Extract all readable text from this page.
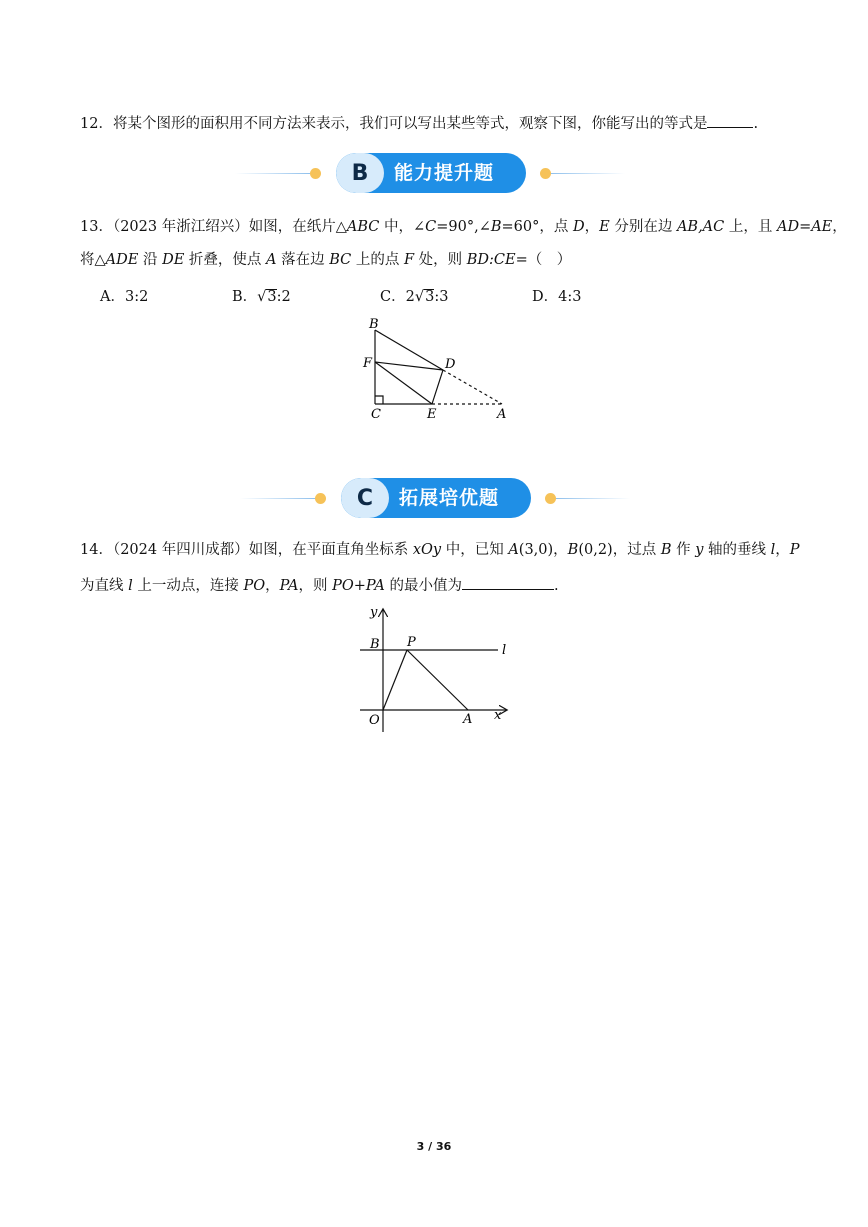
12．将某个图形的面积用不同方法来表示，我们可以写出某些等式，观察下图，你能写出的等式是	.
B	能力提升题
13．（2023 年浙江绍兴）如图，在纸片△ABC 中，∠C=90°,∠B=60°，点 D，E 分别在边 AB,AC 上，且 AD=AE，
将△ADE 沿 DE 折叠，使点 A 落在边 BC 上的点 F 处，则 BD:CE=（　）
A．3:2	B．√3:2	C．2√3:3	D．4:3
B
F	D
C	E	A
C	拓展培优题
14．（2024 年四川成都）如图，在平面直角坐标系 xOy 中，已知 A(3,0)，B(0,2)，过点 B 作 y 轴的垂线 l，P
为直线 l 上一动点，连接 PO，PA，则 PO+PA 的最小值为	.
y
B P
l
O	A x
3 / 36
